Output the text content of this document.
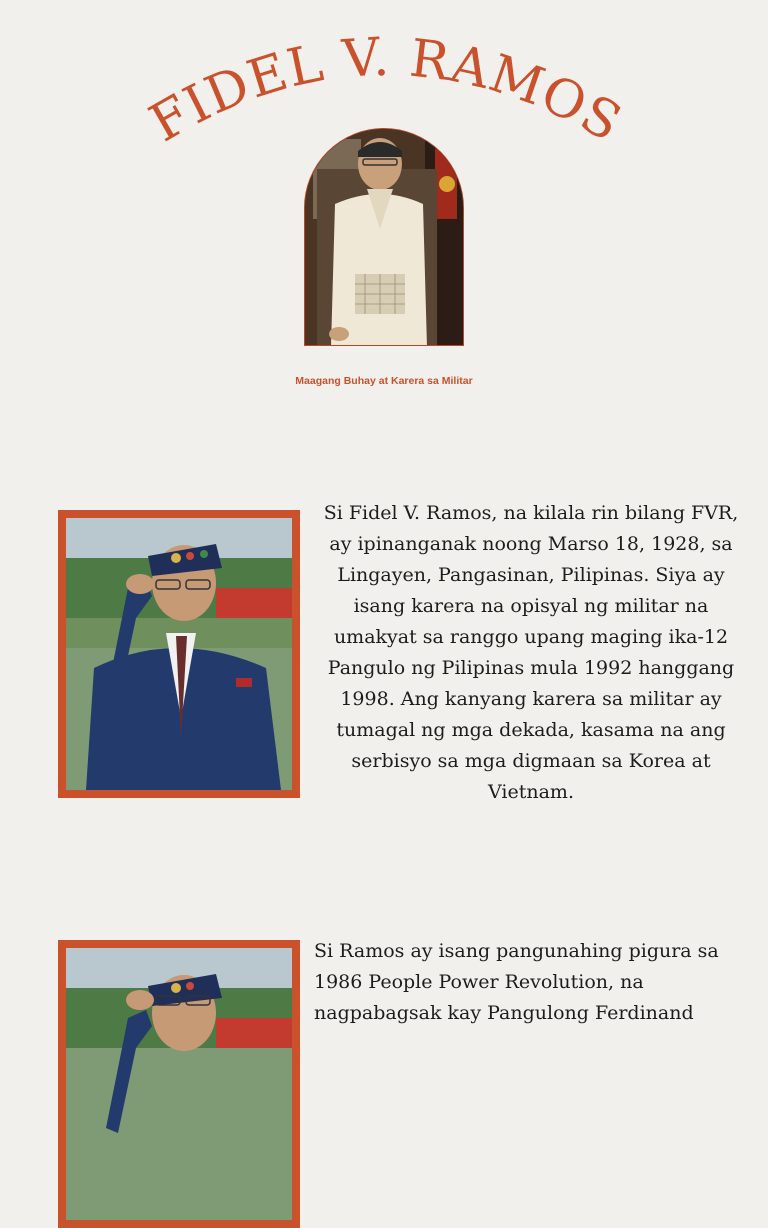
FIDEL V. RAMOS
Maagang Buhay at Karera sa Militar

Si Fidel V. Ramos, na kilala rin bilang FVR, ay ipinanganak noong Marso 18, 1928, sa Lingayen, Pangasinan, Pilipinas. Siya ay isang karera na opisyal ng militar na umakyat sa ranggo upang maging ika-12 Pangulo ng Pilipinas mula 1992 hanggang 1998. Ang kanyang karera sa militar ay tumagal ng mga dekada, kasama na ang serbisyo sa mga digmaan sa Korea at Vietnam.

Si Ramos ay isang pangunahing pigura sa 1986 People Power Revolution, na nagpabagsak kay Pangulong Ferdinand
